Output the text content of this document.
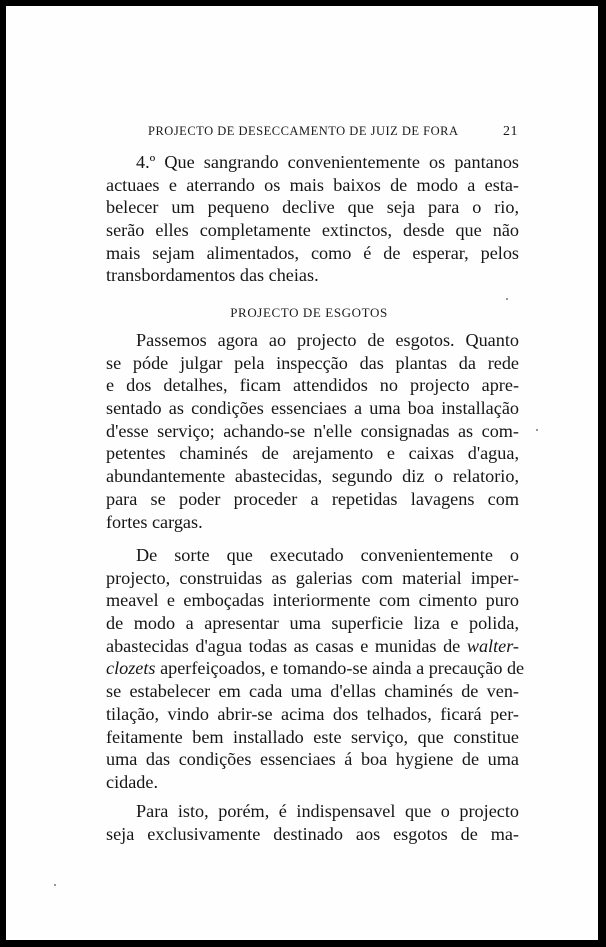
PROJECTO DE DESECCAMENTO DE JUIZ DE FORA	21
4.º Que sangrando convenientemente os pantanos
actuaes e aterrando os mais baixos de modo a esta-
belecer um pequeno declive que seja para o rio,
serão elles completamente extinctos, desde que não
mais sejam alimentados, como é de esperar, pelos
transbordamentos das cheias.
PROJECTO DE ESGOTOS
Passemos agora ao projecto de esgotos. Quanto
se póde julgar pela inspecção das plantas da rede
e dos detalhes, ficam attendidos no projecto apre-
sentado as condições essenciaes a uma boa installação
d'esse serviço; achando-se n'elle consignadas as com-
petentes chaminés de arejamento e caixas d'agua,
abundantemente abastecidas, segundo diz o relatorio,
para se poder proceder a repetidas lavagens com
fortes cargas.
De sorte que executado convenientemente o
projecto, construidas as galerias com material imper-
meavel e emboçadas interiormente com cimento puro
de modo a apresentar uma superficie liza e polida,
abastecidas d'agua todas as casas e munidas de walter-
clozets aperfeiçoados, e tomando-se ainda a precaução de
se estabelecer em cada uma d'ellas chaminés de ven-
tilação, vindo abrir-se acima dos telhados, ficará per-
feitamente bem installado este serviço, que constitue
uma das condições essenciaes á boa hygiene de uma
cidade.
Para isto, porém, é indispensavel que o projecto
seja exclusivamente destinado aos esgotos de ma-
